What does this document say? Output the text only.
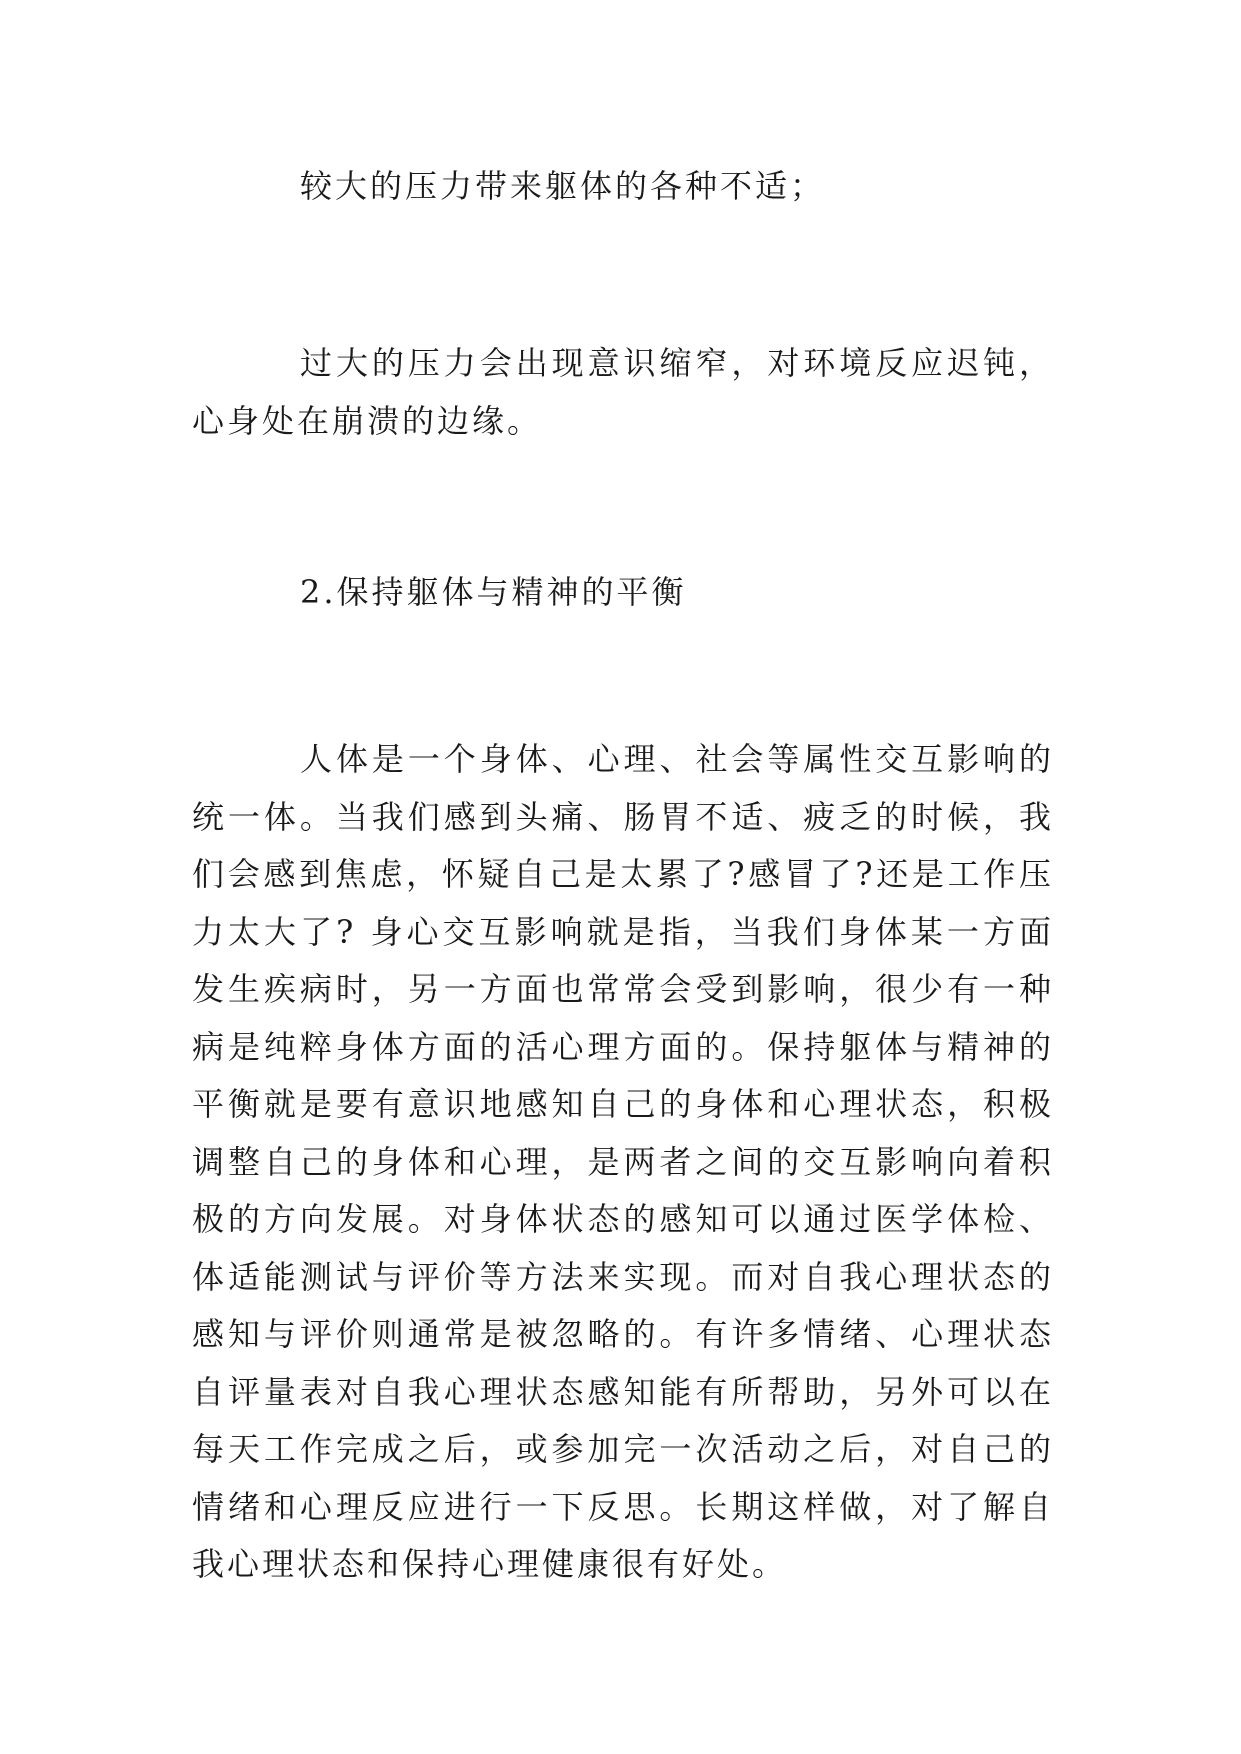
较大的压力带来躯体的各种不适；

过大的压力会出现意识缩窄，对环境反应迟钝，心身处在崩溃的边缘。

2.保持躯体与精神的平衡

人体是一个身体、心理、社会等属性交互影响的统一体。当我们感到头痛、肠胃不适、疲乏的时候，我们会感到焦虑，怀疑自己是太累了?感冒了?还是工作压力太大了? 身心交互影响就是指，当我们身体某一方面发生疾病时，另一方面也常常会受到影响，很少有一种病是纯粹身体方面的活心理方面的。保持躯体与精神的平衡就是要有意识地感知自己的身体和心理状态，积极调整自己的身体和心理，是两者之间的交互影响向着积极的方向发展。对身体状态的感知可以通过医学体检、体适能测试与评价等方法来实现。而对自我心理状态的感知与评价则通常是被忽略的。有许多情绪、心理状态自评量表对自我心理状态感知能有所帮助，另外可以在每天工作完成之后，或参加完一次活动之后，对自己的情绪和心理反应进行一下反思。长期这样做，对了解自我心理状态和保持心理健康很有好处。
